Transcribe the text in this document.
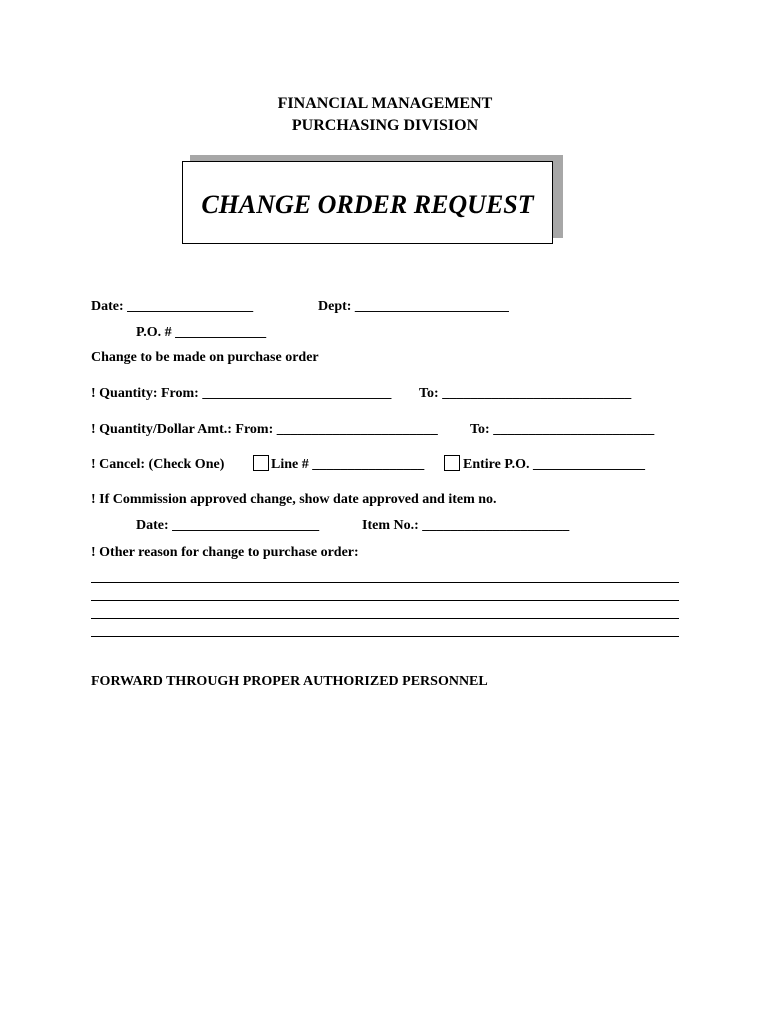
FINANCIAL MANAGEMENT
PURCHASING DIVISION
CHANGE ORDER REQUEST
Date: __________________	Dept: ______________________
P.O. # _____________
Change to be made on purchase order
! Quantity: From: ___________________________ To: ___________________________
! Quantity/Dollar Amt.: From: _______________________ To: _______________________
! Cancel: (Check One)	Line # ________________	Entire P.O. ________________
! If Commission approved change, show date approved and item no.
Date: _____________________	Item No.: _____________________
! Other reason for change to purchase order:
FORWARD THROUGH PROPER AUTHORIZED PERSONNEL
